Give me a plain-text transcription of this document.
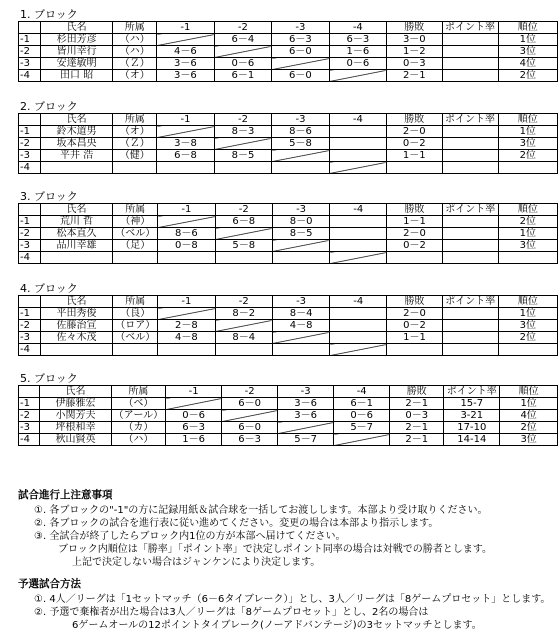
1. ブロック
	氏名	所属	-1	-2	-3	-4	勝敗	ポイント率	順位
-1	杉田芳彦	（ハ）		6－4	6－3	6－3	3－0		1位
-2	皆川幸行	（ハ）	4－6		6－0	1－6	1－2		3位
-3	安達敏明	（Ｚ）	3－6	0－6		0－6	0－3		4位
-4	田口 昭	（オ）	3－6	6－1	6－0		2－1		2位
2. ブロック
	氏名	所属	-1	-2	-3	-4	勝敗	ポイント率	順位
-1	鈴木道男	（オ）		8－3	8－6		2－0		1位
-2	坂本昌央	（Ｚ）	3－8		5－8		0－2		3位
-3	平井 浩	（健）	6－8	8－5			1－1		2位
-4									
3. ブロック
	氏名	所属	-1	-2	-3	-4	勝敗	ポイント率	順位
-1	荒川 哲	（神）		6－8	8－0		1－1		2位
-2	松本直久	（ベル）	8－6		8－5		2－0		1位
-3	品川幸雄	（足）	0－8	5－8			0－2		3位
-4									
4. ブロック
	氏名	所属	-1	-2	-3	-4	勝敗	ポイント率	順位
-1	平田秀俊	（良）		8－2	8－4		2－0		1位
-2	佐藤治宣	（ロア）	2－8		4－8		0－2		3位
-3	佐々木茂	（ベル）	4－8	8－4			1－1		2位
-4									
5. ブロック
	氏名	所属	-1	-2	-3	-4	勝敗	ポイント率	順位
-1	伊藤雅宏	（ベ）		6－0	3－6	6－1	2－1	15-7	1位
-2	小関芳夫	（アール）	0－6		3－6	0－6	0－3	3-21	4位
-3	坪根和幸	（カ）	6－3	6－0		5－7	2－1	17-10	2位
-4	秋山賢英	（ハ）	1－6	6－3	5－7		2－1	14-14	3位
試合進行上注意事項
①. 各ブロックの"-1"の方に記録用紙＆試合球を一括してお渡しします。本部より受け取りください。
②. 各ブロックの試合を進行表に従い進めてください。変更の場合は本部より指示します。
③. 全試合が終了したらブロック内1位の方が本部へ届けてください。
ブロック内順位は「勝率」「ポイント率」で決定しポイント同率の場合は対戦での勝者とします。
上記で決定しない場合はジャンケンにより決定します。
予選試合方法
①. 4人／リーグは「1セットマッチ（6－6タイブレーク）」とし、3人／リーグは「8ゲームプロセット」とします。
②. 予選で棄権者が出た場合は3人／リーグは「8ゲームプロセット」とし、2名の場合は
6ゲームオールの12ポイントタイブレーク(ノーアドバンテージ)の3セットマッチとします。
